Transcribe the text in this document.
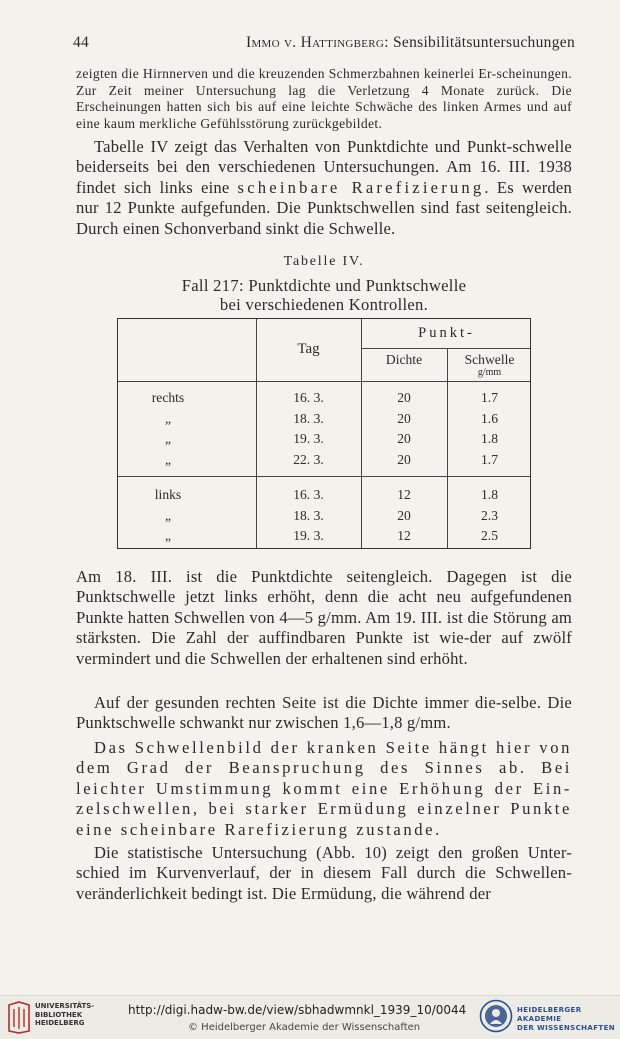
44	Immo v. Hattingberg: Sensibilitätsuntersuchungen

zeigten die Hirnnerven und die kreuzenden Schmerzbahnen keinerlei Er-scheinungen. Zur Zeit meiner Untersuchung lag die Verletzung 4 Monate zurück. Die Erscheinungen hatten sich bis auf eine leichte Schwäche des linken Armes und auf eine kaum merkliche Gefühlsstörung zurückgebildet.

Tabelle IV zeigt das Verhalten von Punktdichte und Punkt-schwelle beiderseits bei den verschiedenen Untersuchungen. Am 16. III. 1938 findet sich links eine scheinbare Rarefizierung. Es werden nur 12 Punkte aufgefunden. Die Punktschwellen sind fast seitengleich. Durch einen Schonverband sinkt die Schwelle.

Tabelle IV.
Fall 217: Punktdichte und Punktschwelle
bei verschiedenen Kontrollen.
Tag
Punkt-
Dichte	Schwelle
g/mm
rechts	16. 3.	20	1.7
„	18. 3.	20	1.6
„	19. 3.	20	1.8
„	22. 3.	20	1.7
links	16. 3.	12	1.8
„	18. 3.	20	2.3
„	19. 3.	12	2.5

Am 18. III. ist die Punktdichte seitengleich. Dagegen ist die Punktschwelle jetzt links erhöht, denn die acht neu aufgefundenen Punkte hatten Schwellen von 4—5 g/mm. Am 19. III. ist die Störung am stärksten. Die Zahl der auffindbaren Punkte ist wie-der auf zwölf vermindert und die Schwellen der erhaltenen sind erhöht.

Auf der gesunden rechten Seite ist die Dichte immer die-selbe. Die Punktschwelle schwankt nur zwischen 1,6—1,8 g/mm.

Das Schwellenbild der kranken Seite hängt hier von dem Grad der Beanspruchung des Sinnes ab. Bei leichter Umstimmung kommt eine Erhöhung der Ein-zelschwellen, bei starker Ermüdung einzelner Punkte eine scheinbare Rarefizierung zustande.

Die statistische Untersuchung (Abb. 10) zeigt den großen Unter-schied im Kurvenverlauf, der in diesem Fall durch die Schwellen-veränderlichkeit bedingt ist. Die Ermüdung, die während der

UNIVERSITÄTS-
BIBLIOTHEK
HEIDELBERG
http://digi.hadw-bw.de/view/sbhadwmnkl_1939_10/0044
© Heidelberger Akademie der Wissenschaften
HEIDELBERGER AKADEMIE
DER WISSENSCHAFTEN
